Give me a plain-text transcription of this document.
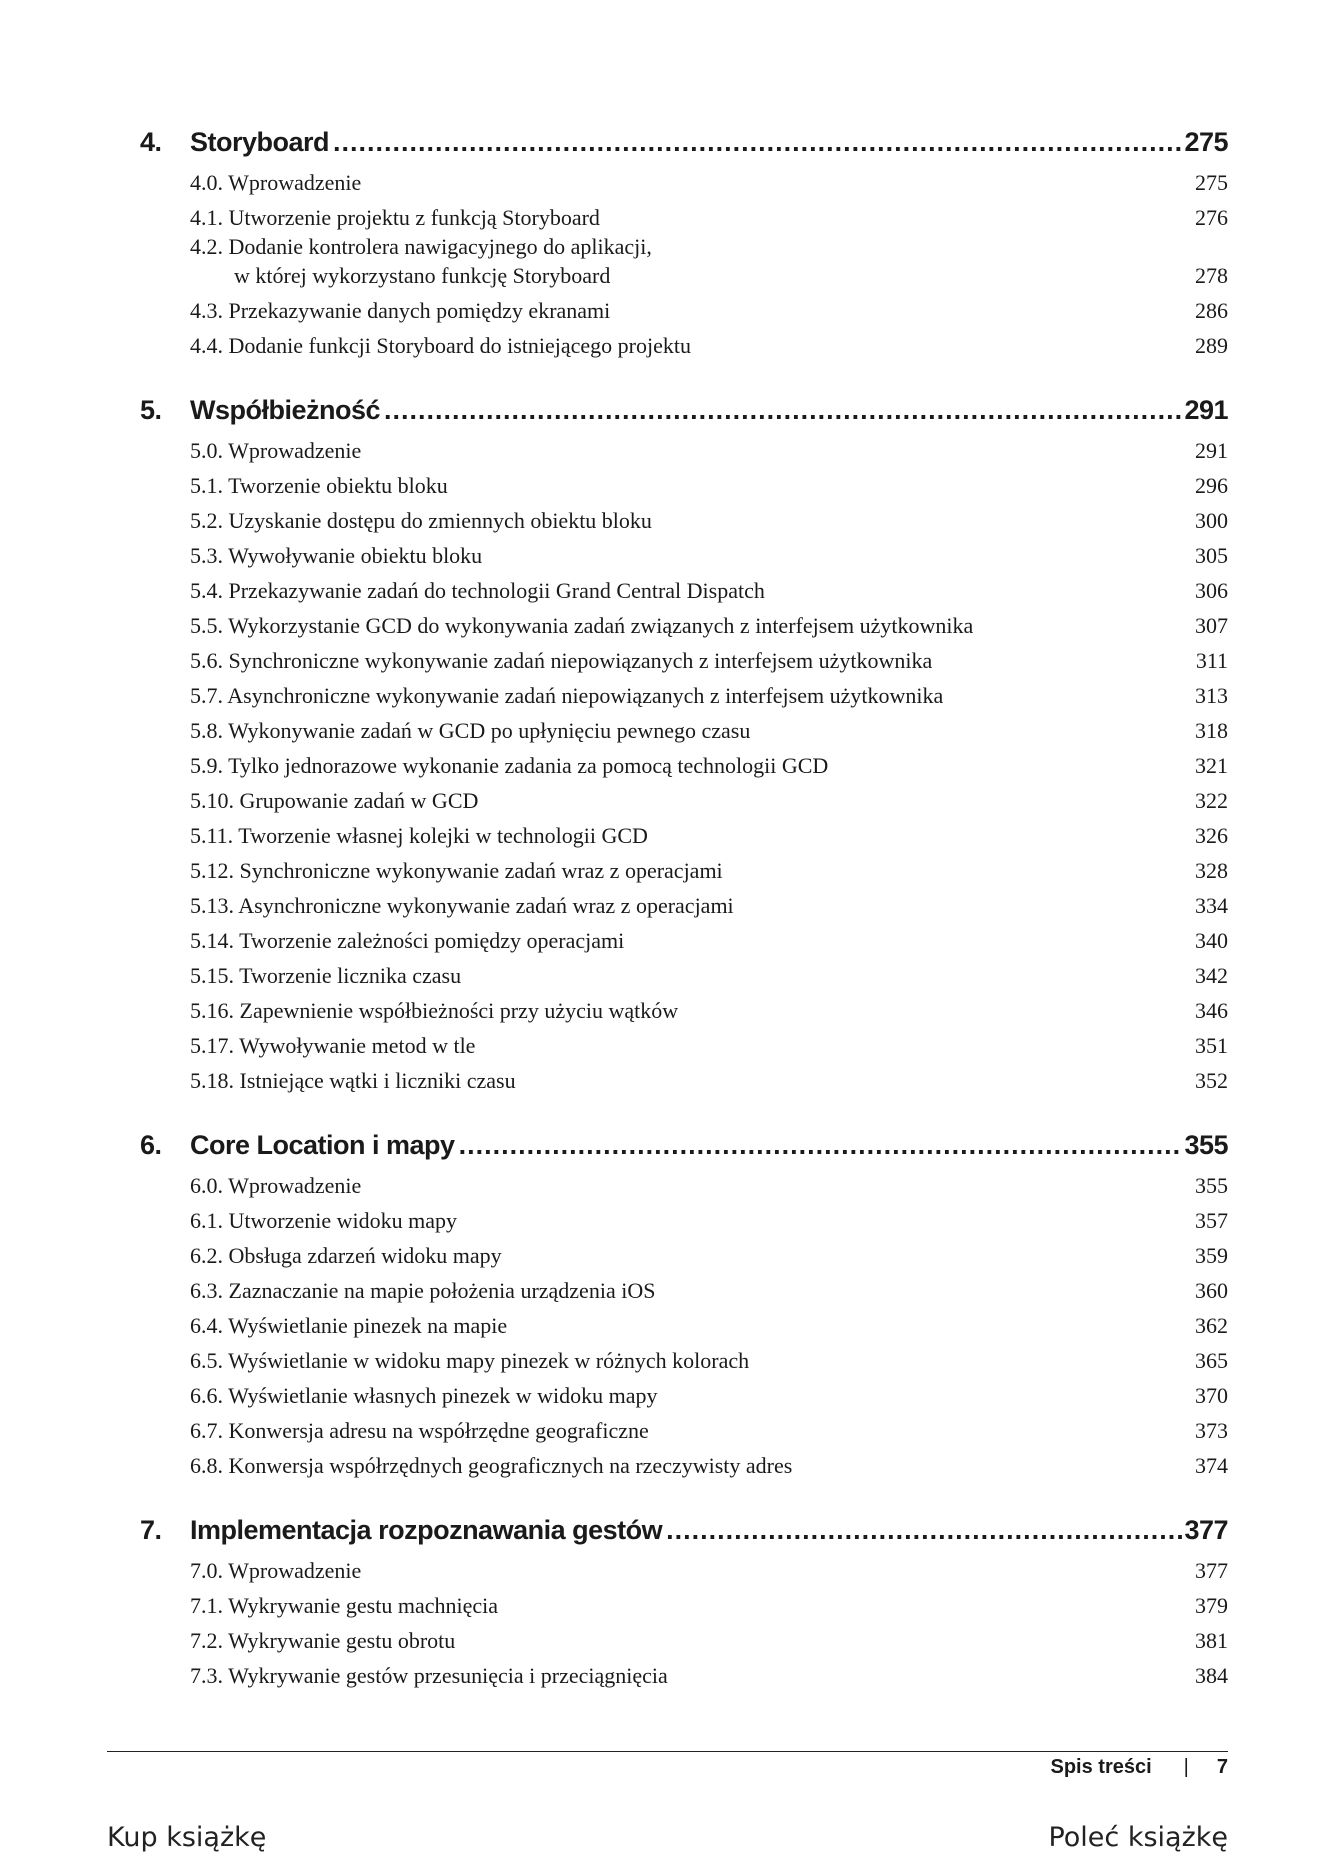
4.	Storyboard .....	275
4.0. Wprowadzenie	275
4.1. Utworzenie projektu z funkcją Storyboard	276
4.2. Dodanie kontrolera nawigacyjnego do aplikacji,
w której wykorzystano funkcję Storyboard	278
4.3. Przekazywanie danych pomiędzy ekranami	286
4.4. Dodanie funkcji Storyboard do istniejącego projektu	289
5.	Współbieżność .....	291
5.0. Wprowadzenie	291
5.1. Tworzenie obiektu bloku	296
5.2. Uzyskanie dostępu do zmiennych obiektu bloku	300
5.3. Wywoływanie obiektu bloku	305
5.4. Przekazywanie zadań do technologii Grand Central Dispatch	306
5.5. Wykorzystanie GCD do wykonywania zadań związanych z interfejsem użytkownika	307
5.6. Synchroniczne wykonywanie zadań niepowiązanych z interfejsem użytkownika	311
5.7. Asynchroniczne wykonywanie zadań niepowiązanych z interfejsem użytkownika	313
5.8. Wykonywanie zadań w GCD po upłynięciu pewnego czasu	318
5.9. Tylko jednorazowe wykonanie zadania za pomocą technologii GCD	321
5.10. Grupowanie zadań w GCD	322
5.11. Tworzenie własnej kolejki w technologii GCD	326
5.12. Synchroniczne wykonywanie zadań wraz z operacjami	328
5.13. Asynchroniczne wykonywanie zadań wraz z operacjami	334
5.14. Tworzenie zależności pomiędzy operacjami	340
5.15. Tworzenie licznika czasu	342
5.16. Zapewnienie współbieżności przy użyciu wątków	346
5.17. Wywoływanie metod w tle	351
5.18. Istniejące wątki i liczniki czasu	352
6.	Core Location i mapy .....	355
6.0. Wprowadzenie	355
6.1. Utworzenie widoku mapy	357
6.2. Obsługa zdarzeń widoku mapy	359
6.3. Zaznaczanie na mapie położenia urządzenia iOS	360
6.4. Wyświetlanie pinezek na mapie	362
6.5. Wyświetlanie w widoku mapy pinezek w różnych kolorach	365
6.6. Wyświetlanie własnych pinezek w widoku mapy	370
6.7. Konwersja adresu na współrzędne geograficzne	373
6.8. Konwersja współrzędnych geograficznych na rzeczywisty adres	374
7.	Implementacja rozpoznawania gestów .....	377
7.0. Wprowadzenie	377
7.1. Wykrywanie gestu machnięcia	379
7.2. Wykrywanie gestu obrotu	381
7.3. Wykrywanie gestów przesunięcia i przeciągnięcia	384
Spis treści | 7
Kup książkę	Poleć książkę
